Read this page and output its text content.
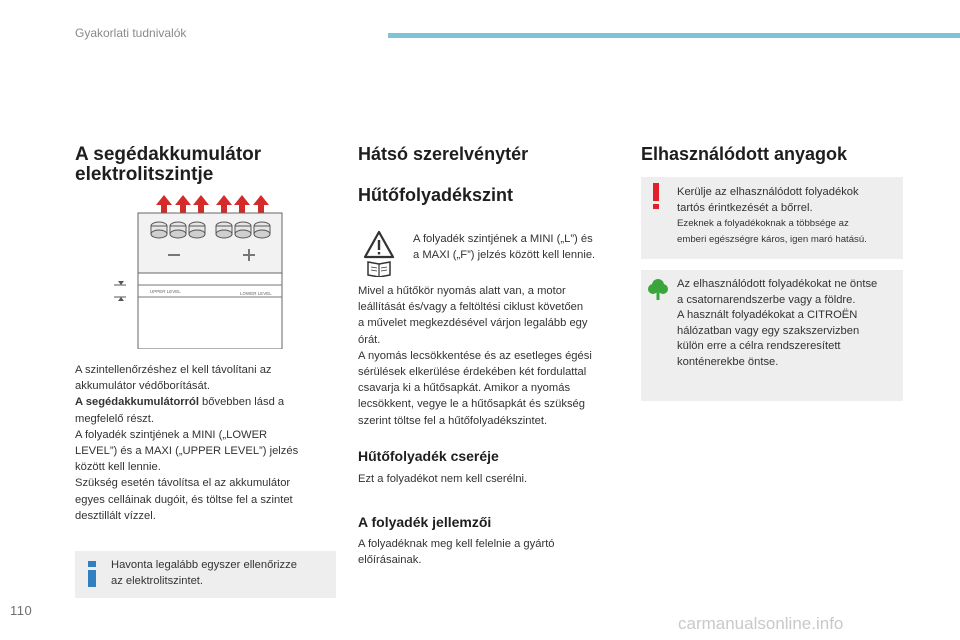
Gyakorlati tudnivalók
A segédakkumulátor
elektrolitszintje
UPPER LEVEL	LOWER LEVEL
A szintellenőrzéshez el kell távolítani az
akkumulátor védőborítását.
A segédakkumulátorról bővebben lásd a
megfelelő részt.
A folyadék szintjének a MINI („LOWER
LEVEL”) és a MAXI („UPPER LEVEL”) jelzés
között kell lennie.
Szükség esetén távolítsa el az akkumulátor
egyes celláinak dugóit, és töltse fel a szintet
desztillált vízzel.
Havonta legalább egyszer ellenőrizze
az elektrolitszintet.
Hátsó szerelvénytér
Hűtőfolyadékszint
A folyadék szintjének a MINI („L”) és
a MAXI („F”) jelzés között kell lennie.
Mivel a hűtőkör nyomás alatt van, a motor
leállítását és/vagy a feltöltési ciklust követően
a művelet megkezdésével várjon legalább egy
órát.
A nyomás lecsökkentése és az esetleges égési
sérülések elkerülése érdekében két fordulattal
csavarja ki a hűtősapkát. Amikor a nyomás
lecsökkent, vegye le a hűtősapkát és szükség
szerint töltse fel a hűtőfolyadékszintet.
Hűtőfolyadék cseréje
Ezt a folyadékot nem kell cserélni.
A folyadék jellemzői
A folyadéknak meg kell felelnie a gyártó
előírásainak.
Elhasználódott anyagok
Kerülje az elhasználódott folyadékok
tartós érintkezését a bőrrel.
Ezeknek a folyadékoknak a többsége az
emberi egészségre káros, igen maró hatású.
Az elhasználódott folyadékokat ne öntse
a csatornarendszerbe vagy a földre.
A használt folyadékokat a CITROËN
hálózatban vagy egy szakszervizben
külön erre a célra rendszeresített
konténerekbe öntse.
110
carmanualsonline.info
